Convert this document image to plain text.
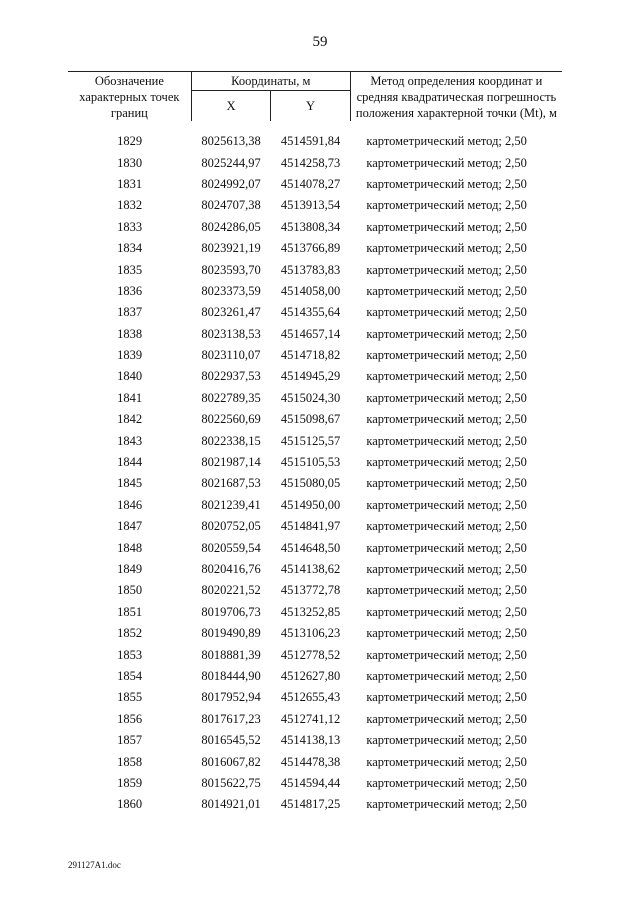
59
Обозначение характерных точек границ	Координаты, м		Метод определения координат и средняя квадратическая погрешность положения характерной точки (Mt), м
	X	Y	

1829	8025613,38	4514591,84	картометрический метод; 2,50
1830	8025244,97	4514258,73	картометрический метод; 2,50
1831	8024992,07	4514078,27	картометрический метод; 2,50
1832	8024707,38	4513913,54	картометрический метод; 2,50
1833	8024286,05	4513808,34	картометрический метод; 2,50
1834	8023921,19	4513766,89	картометрический метод; 2,50
1835	8023593,70	4513783,83	картометрический метод; 2,50
1836	8023373,59	4514058,00	картометрический метод; 2,50
1837	8023261,47	4514355,64	картометрический метод; 2,50
1838	8023138,53	4514657,14	картометрический метод; 2,50
1839	8023110,07	4514718,82	картометрический метод; 2,50
1840	8022937,53	4514945,29	картометрический метод; 2,50
1841	8022789,35	4515024,30	картометрический метод; 2,50
1842	8022560,69	4515098,67	картометрический метод; 2,50
1843	8022338,15	4515125,57	картометрический метод; 2,50
1844	8021987,14	4515105,53	картометрический метод; 2,50
1845	8021687,53	4515080,05	картометрический метод; 2,50
1846	8021239,41	4514950,00	картометрический метод; 2,50
1847	8020752,05	4514841,97	картометрический метод; 2,50
1848	8020559,54	4514648,50	картометрический метод; 2,50
1849	8020416,76	4514138,62	картометрический метод; 2,50
1850	8020221,52	4513772,78	картометрический метод; 2,50
1851	8019706,73	4513252,85	картометрический метод; 2,50
1852	8019490,89	4513106,23	картометрический метод; 2,50
1853	8018881,39	4512778,52	картометрический метод; 2,50
1854	8018444,90	4512627,80	картометрический метод; 2,50
1855	8017952,94	4512655,43	картометрический метод; 2,50
1856	8017617,23	4512741,12	картометрический метод; 2,50
1857	8016545,52	4514138,13	картометрический метод; 2,50
1858	8016067,82	4514478,38	картометрический метод; 2,50
1859	8015622,75	4514594,44	картометрический метод; 2,50
1860	8014921,01	4514817,25	картометрический метод; 2,50
291127A1.doc
